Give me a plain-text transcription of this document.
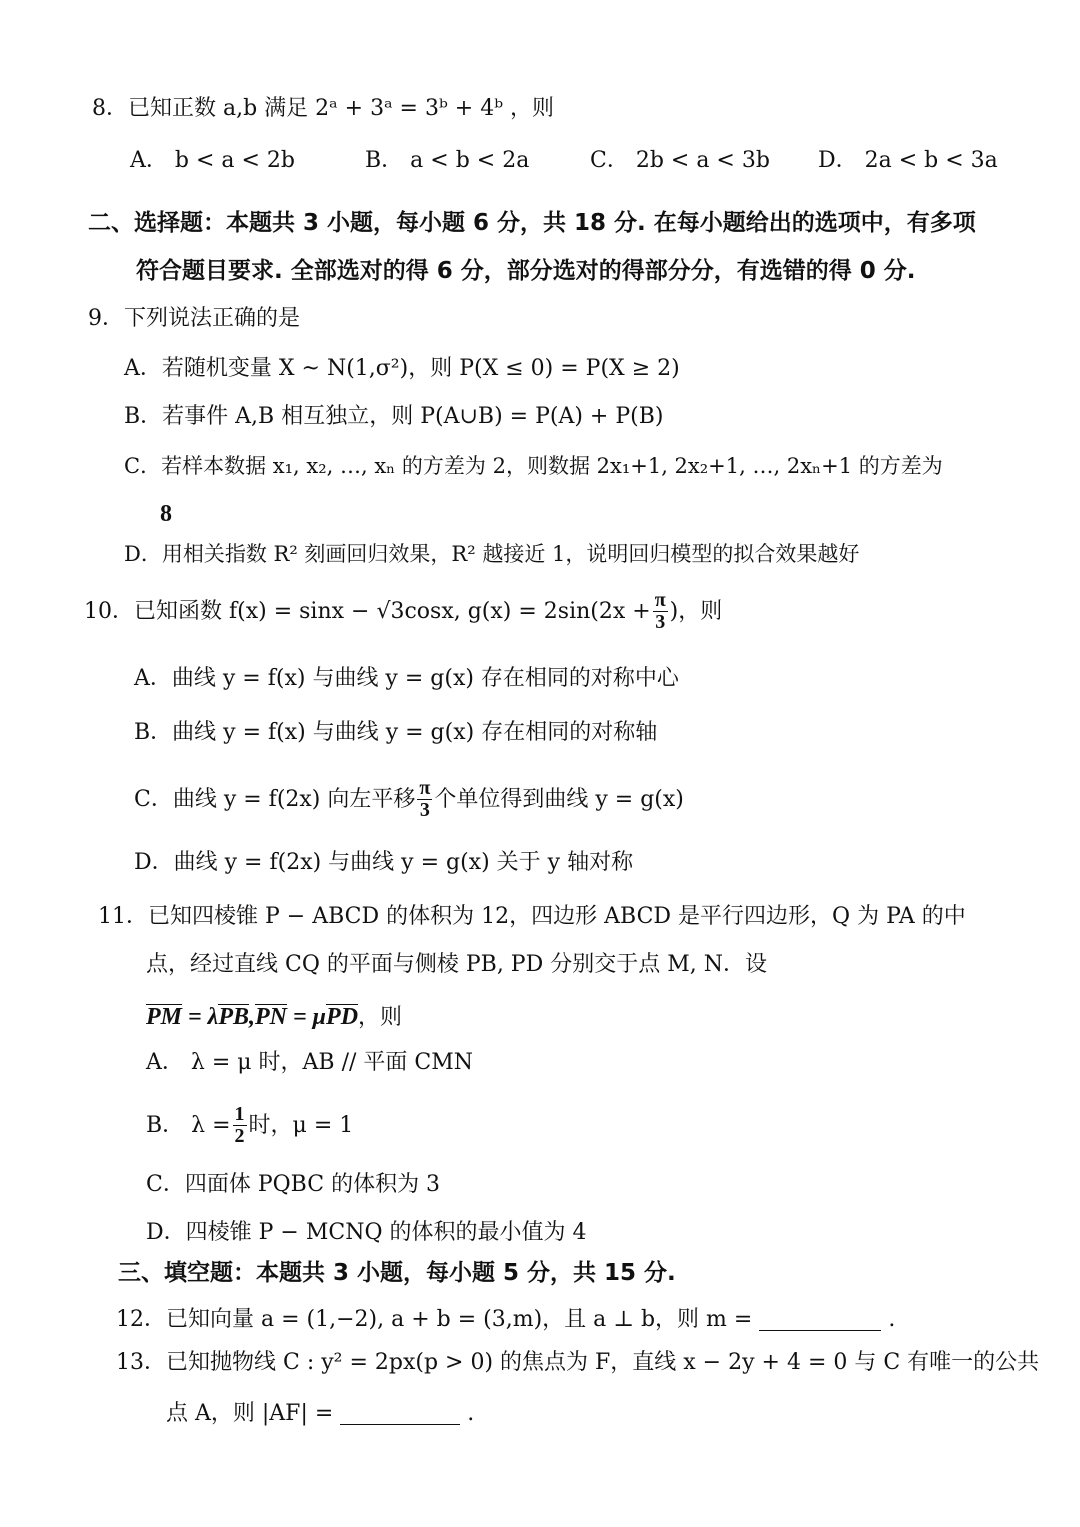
8．已知正数 a,b 满足 2ᵃ + 3ᵃ = 3ᵇ + 4ᵇ ，则
A． b < a < 2b	B． a < b < 2a	C． 2b < a < 3b D． 2a < b < 3a
二、选择题：本题共 3 小题，每小题 6 分，共 18 分. 在每小题给出的选项中，有多项
符合题目要求. 全部选对的得 6 分，部分选对的得部分分，有选错的得 0 分.
9．下列说法正确的是
A．若随机变量 X ~ N(1,σ²)，则 P(X ≤ 0) = P(X ≥ 2)
B．若事件 A,B 相互独立，则 P(A∪B) = P(A) + P(B)
C．若样本数据 x₁, x₂, …, xₙ 的方差为 2，则数据 2x₁+1, 2x₂+1, …, 2xₙ+1 的方差为
8
D．用相关指数 R² 刻画回归效果，R² 越接近 1，说明回归模型的拟合效果越好
10．已知函数 f(x) = sinx − √3cosx, $g(x) = 2\sin(2x + \frac{\pi}{3}$ )，则
A．曲线 y = f(x) 与曲线 y = g(x) 存在相同的对称中心
B．曲线 y = f(x) 与曲线 y = g(x) 存在相同的对称轴
C．曲线 y = f(2x) 向左平移 $\frac{\pi}{3}$ 个单位得到曲线 y = g(x)
D．曲线 y = f(2x) 与曲线 y = g(x) 关于 y 轴对称
11．已知四棱锥 P − ABCD 的体积为 12，四边形 ABCD 是平行四边形，Q 为 PA 的中
点，经过直线 CQ 的平面与侧棱 PB, PD 分别交于点 M, N．设
PM = λPB,PN = μPD，则
A． λ = μ 时，AB // 平面 CMN
B． $\lambda = \frac{1}{2}$ 时，μ = 1
C．四面体 PQBC 的体积为 3
D．四棱锥 P − MCNQ 的体积的最小值为 4
三、填空题：本题共 3 小题，每小题 5 分，共 15 分.
12．已知向量 a = (1,−2), a + b = (3,m)，且 a ⊥ b，则 m =	.
13．已知抛物线 C : y² = 2px(p > 0) 的焦点为 F，直线 x − 2y + 4 = 0 与 C 有唯一的公共
点 A，则 |AF| =	.
